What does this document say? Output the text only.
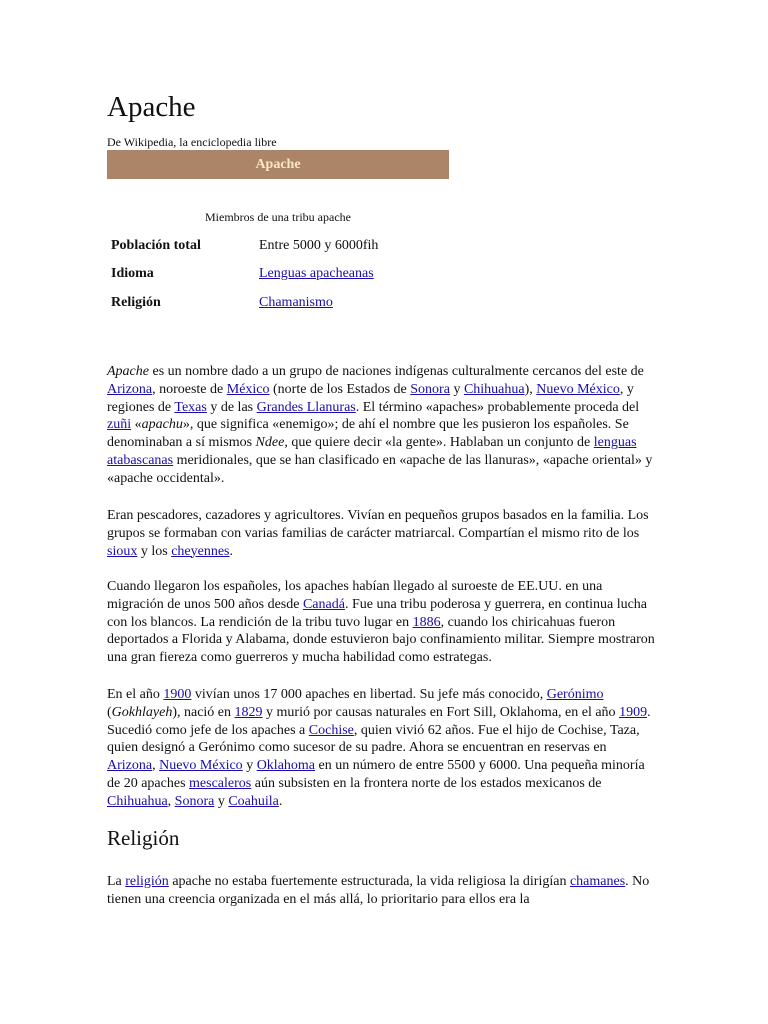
Apache
De Wikipedia, la enciclopedia libre
Apache
Miembros de una tribu apache
Población total	Entre 5000 y 6000fih
Idioma	Lenguas apacheanas
Religión	Chamanismo

Apache es un nombre dado a un grupo de naciones indígenas culturalmente cercanos del este de Arizona, noroeste de México (norte de los Estados de Sonora y Chihuahua), Nuevo México, y regiones de Texas y de las Grandes Llanuras. El término «apaches» probablemente proceda del zuñi «apachu», que significa «enemigo»; de ahí el nombre que les pusieron los españoles. Se denominaban a sí mismos Ndee, que quiere decir «la gente». Hablaban un conjunto de lenguas atabascanas meridionales, que se han clasificado en «apache de las llanuras», «apache oriental» y «apache occidental».

Eran pescadores, cazadores y agricultores. Vivían en pequeños grupos basados en la familia. Los grupos se formaban con varias familias de carácter matriarcal. Compartían el mismo rito de los sioux y los cheyennes.

Cuando llegaron los españoles, los apaches habían llegado al suroeste de EE.UU. en una migración de unos 500 años desde Canadá. Fue una tribu poderosa y guerrera, en continua lucha con los blancos. La rendición de la tribu tuvo lugar en 1886, cuando los chiricahuas fueron deportados a Florida y Alabama, donde estuvieron bajo confinamiento militar. Siempre mostraron una gran fiereza como guerreros y mucha habilidad como estrategas.

En el año 1900 vivían unos 17 000 apaches en libertad. Su jefe más conocido, Gerónimo (Gokhlayeh), nació en 1829 y murió por causas naturales en Fort Sill, Oklahoma, en el año 1909. Sucedió como jefe de los apaches a Cochise, quien vivió 62 años. Fue el hijo de Cochise, Taza, quien designó a Gerónimo como sucesor de su padre. Ahora se encuentran en reservas en Arizona, Nuevo México y Oklahoma en un número de entre 5500 y 6000. Una pequeña minoría de 20 apaches mescaleros aún subsisten en la frontera norte de los estados mexicanos de Chihuahua, Sonora y Coahuila.

Religión

La religión apache no estaba fuertemente estructurada, la vida religiosa la dirigían chamanes. No tienen una creencia organizada en el más allá, lo prioritario para ellos era la
